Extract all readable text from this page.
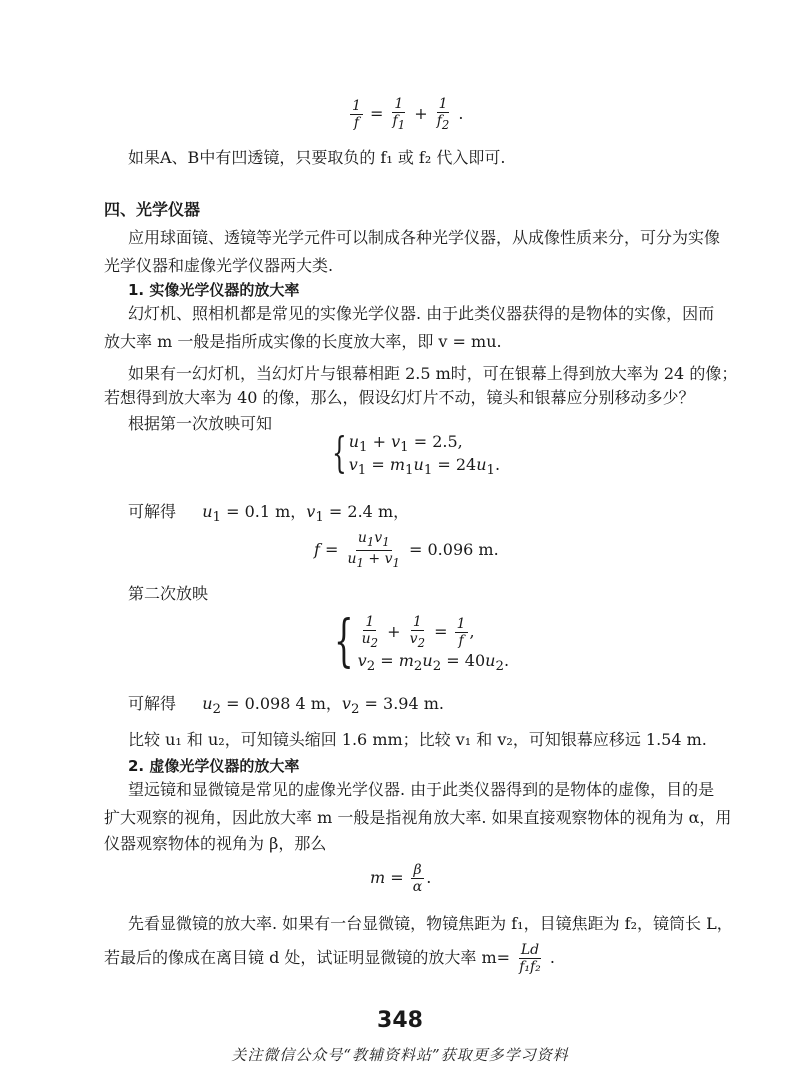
$\frac{1}{f} = \frac{1}{f_1} + \frac{1}{f_2}$ .
如果A、B中有凹透镜，只要取负的 f₁ 或 f₂ 代入即可.
四、光学仪器
应用球面镜、透镜等光学元件可以制成各种光学仪器，从成像性质来分，可分为实像
光学仪器和虚像光学仪器两大类.
1. 实像光学仪器的放大率
幻灯机、照相机都是常见的实像光学仪器. 由于此类仪器获得的是物体的实像，因而
放大率 m 一般是指所成实像的长度放大率，即 v = mu.
如果有一幻灯机，当幻灯片与银幕相距 2.5 m时，可在银幕上得到放大率为 24 的像；
若想得到放大率为 40 的像，那么，假设幻灯片不动，镜头和银幕应分别移动多少？
根据第一次放映可知
{ $u_1 + v_1 = 2.5$,
$v_1 = m_1u_1 = 24u_1$.
可解得 $u_1 = 0.1$ m，$v_1 = 2.4$ m，
$f = \frac{u_1v_1}{u_1 + v_1} = 0.096$ m.
第二次放映
{ $\frac{1}{u_2} + \frac{1}{v_2} = \frac{1}{f}$ ,
$v_2 = m_2u_2 = 40u_2$.
可解得 $u_2 = 0.098$ 4 m，$v_2 = 3.94$ m.
比较 u₁ 和 u₂，可知镜头缩回 1.6 mm；比较 v₁ 和 v₂，可知银幕应移远 1.54 m.
2. 虚像光学仪器的放大率
望远镜和显微镜是常见的虚像光学仪器. 由于此类仪器得到的是物体的虚像，目的是
扩大观察的视角，因此放大率 m 一般是指视角放大率. 如果直接观察物体的视角为 α，用
仪器观察物体的视角为 β，那么
$m = \frac{\beta}{\alpha}$ .
先看显微镜的放大率. 如果有一台显微镜，物镜焦距为 f₁，目镜焦距为 f₂，镜筒长 L，
若最后的像成在离目镜 d 处，试证明显微镜的放大率 $m= \frac{Ld}{\text{f₁f₂}}$ .
348
关注微信公众号“教辅资料站”获取更多学习资料
